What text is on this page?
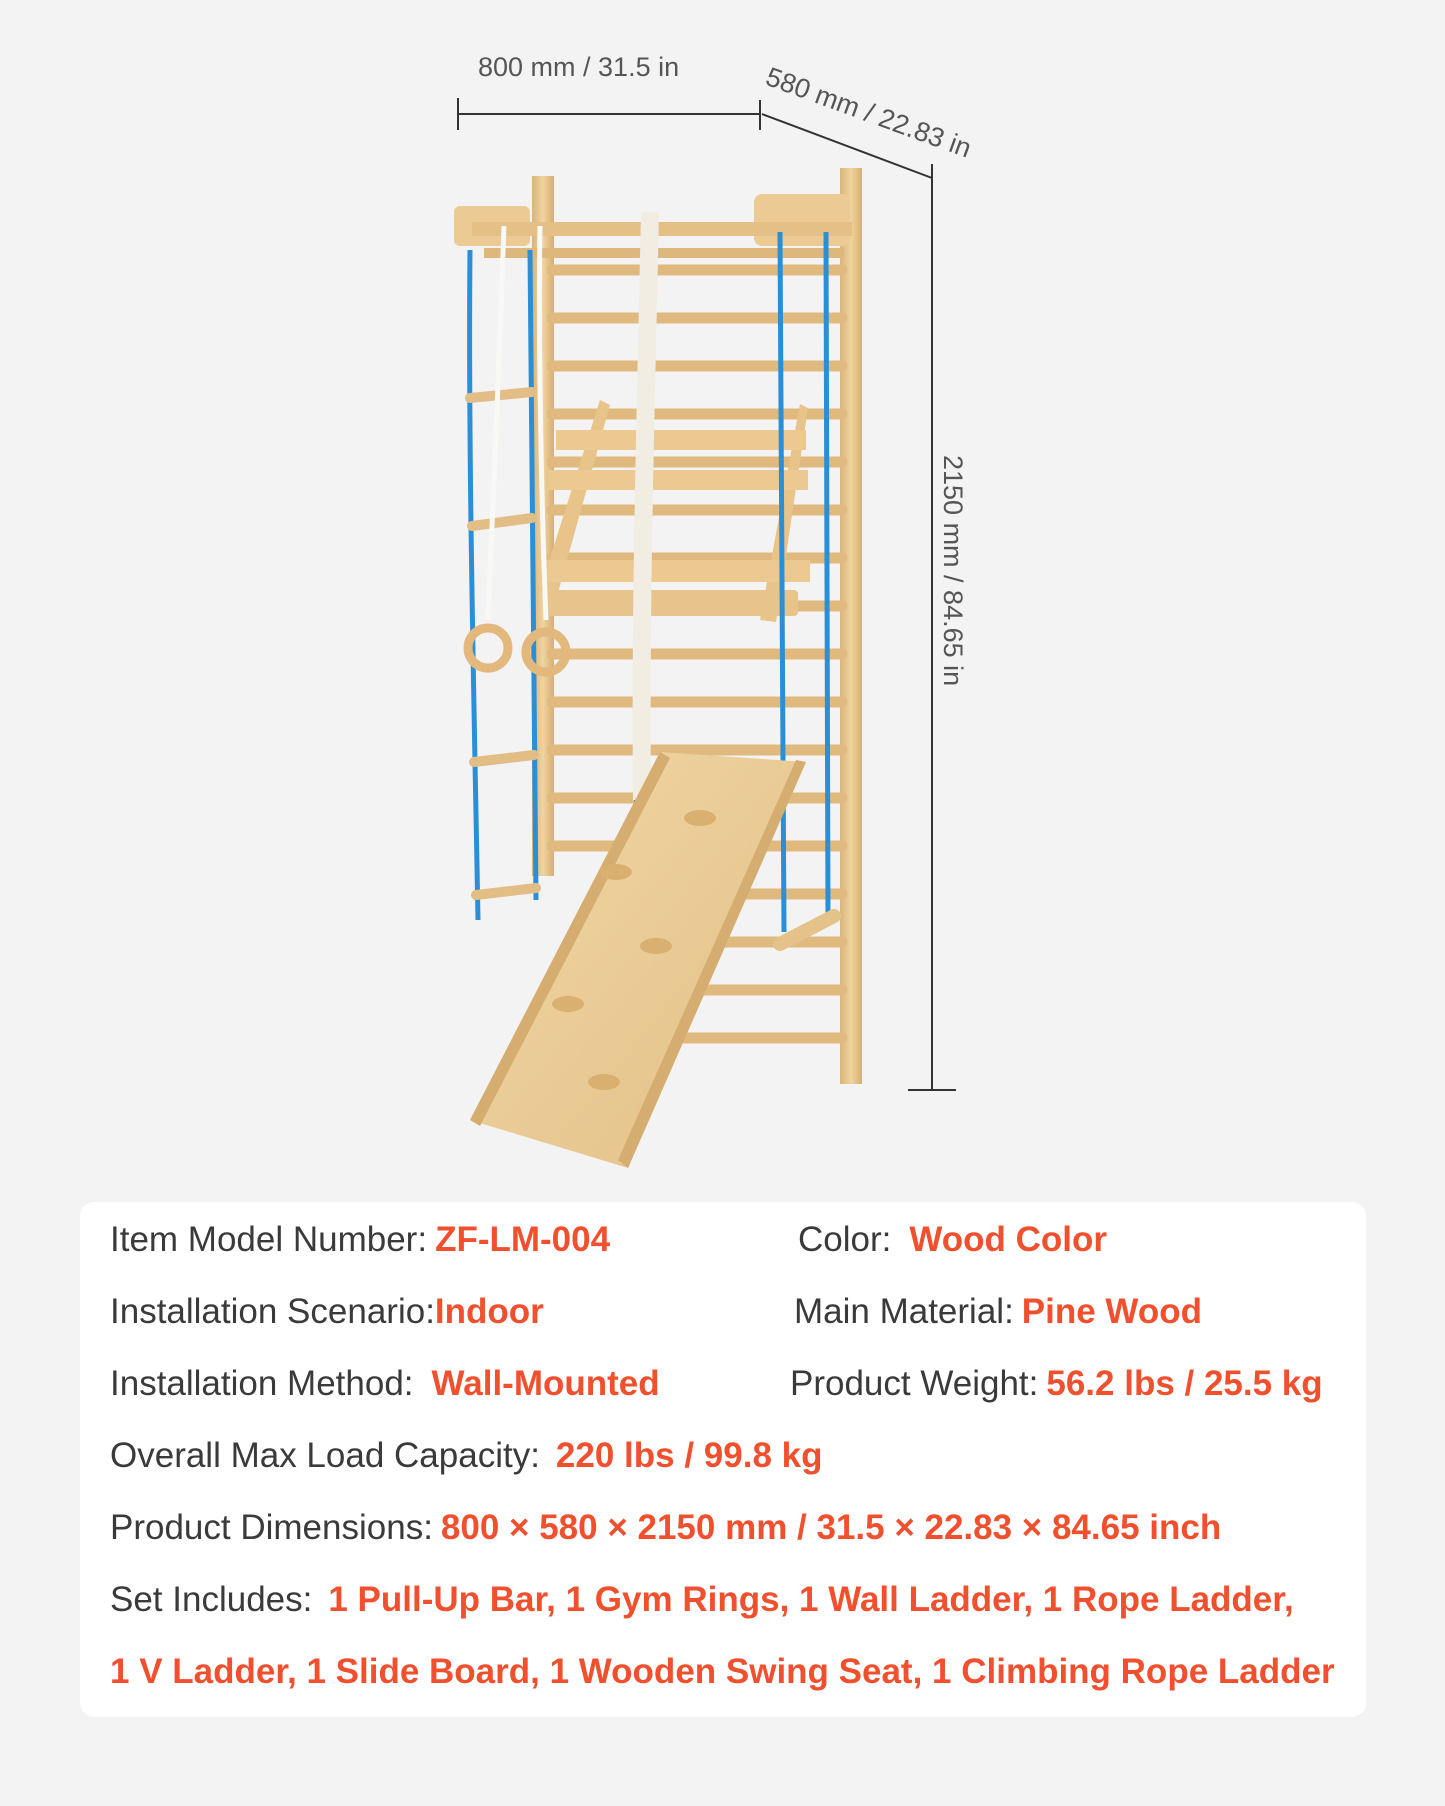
800 mm / 31.5 in	580 mm / 22.83 in
2150 mm / 84.65 in
Item Model Number: ZF-LM-004	Color: Wood Color
Installation Scenario:Indoor	Main Material: Pine Wood
Installation Method: Wall-Mounted	Product Weight: 56.2 lbs / 25.5 kg
Overall Max Load Capacity: 220 lbs / 99.8 kg
Product Dimensions: 800 × 580 × 2150 mm / 31.5 × 22.83 × 84.65 inch
Set Includes: 1 Pull-Up Bar, 1 Gym Rings, 1 Wall Ladder, 1 Rope Ladder,
1 V Ladder, 1 Slide Board, 1 Wooden Swing Seat, 1 Climbing Rope Ladder
